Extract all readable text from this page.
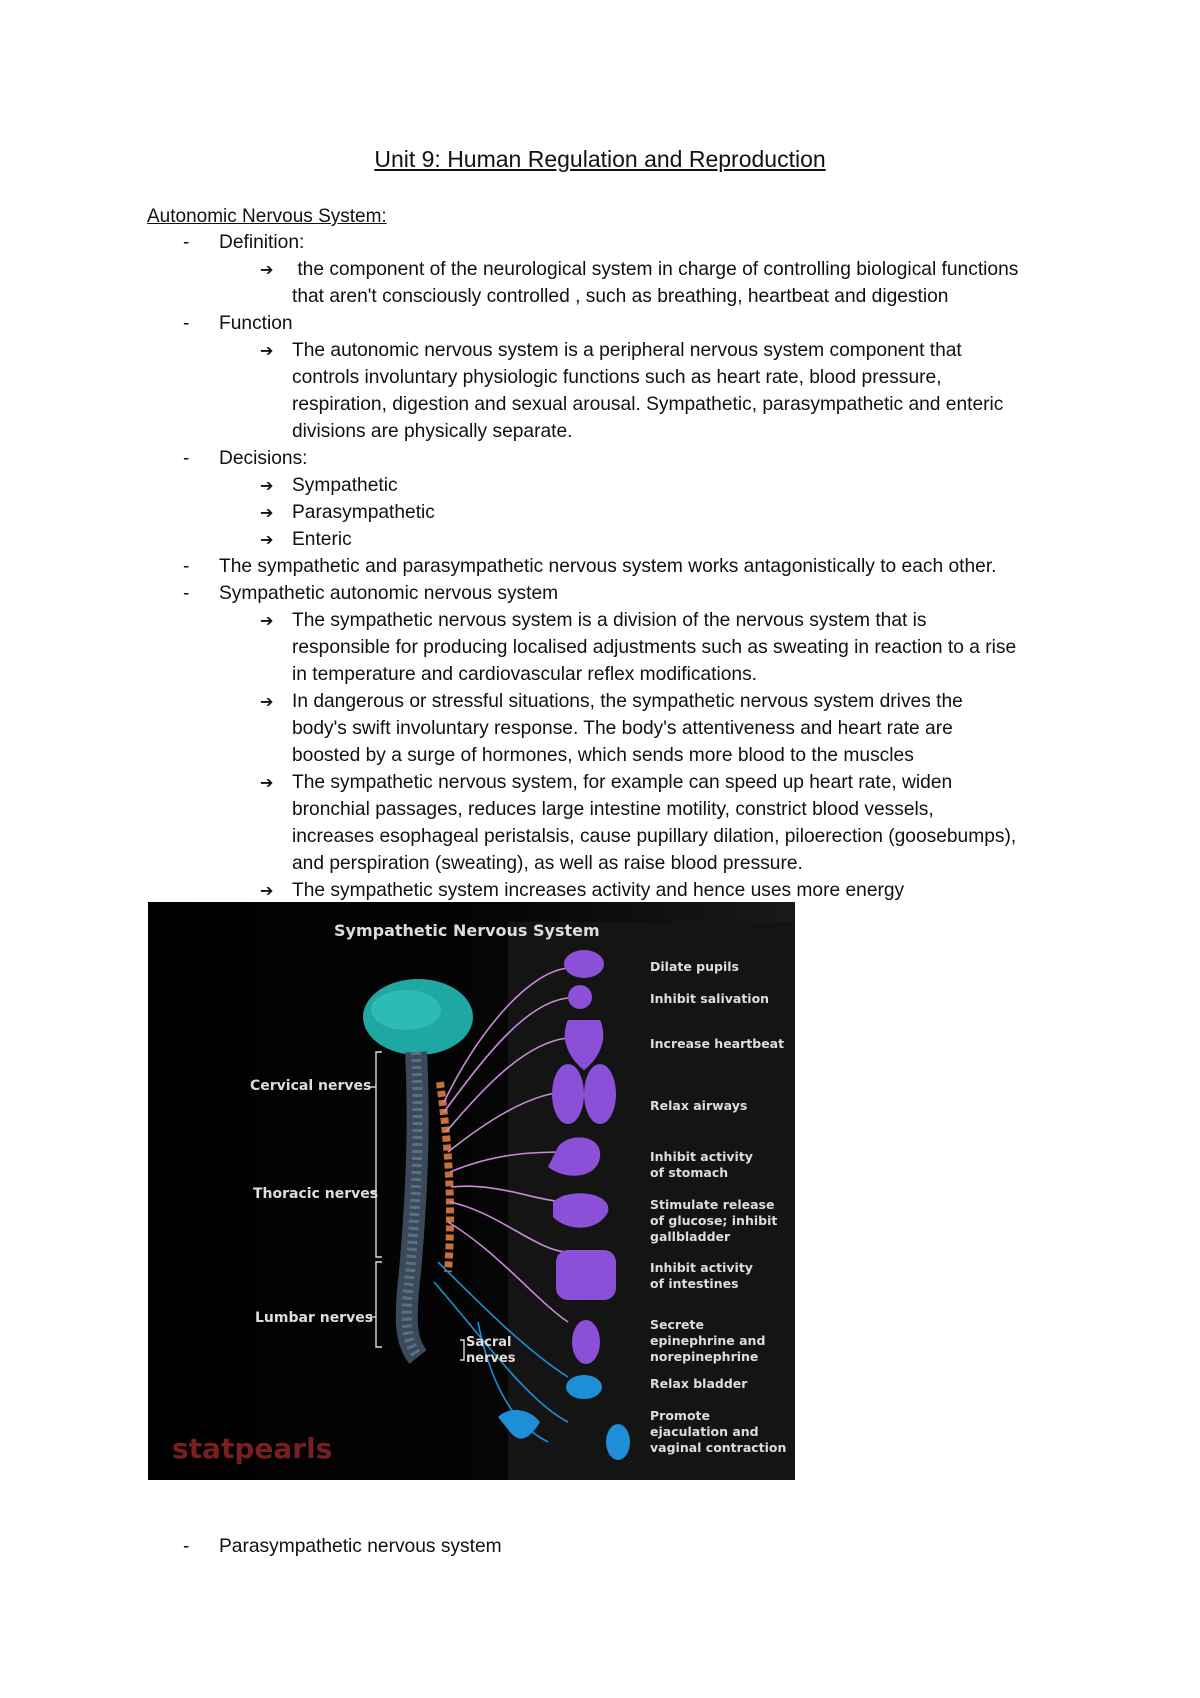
Unit 9: Human Regulation and Reproduction
Autonomic Nervous System:
- Definition:
➔ the component of the neurological system in charge of controlling biological functions
that aren't consciously controlled , such as breathing, heartbeat and digestion
- Function
➔ The autonomic nervous system is a peripheral nervous system component that
controls involuntary physiologic functions such as heart rate, blood pressure,
respiration, digestion and sexual arousal. Sympathetic, parasympathetic and enteric
divisions are physically separate.
- Decisions:
➔ Sympathetic
➔ Parasympathetic
➔ Enteric
- The sympathetic and parasympathetic nervous system works antagonistically to each other.
- Sympathetic autonomic nervous system
➔ The sympathetic nervous system is a division of the nervous system that is
responsible for producing localised adjustments such as sweating in reaction to a rise
in temperature and cardiovascular reflex modifications.
➔ In dangerous or stressful situations, the sympathetic nervous system drives the
body's swift involuntary response. The body's attentiveness and heart rate are
boosted by a surge of hormones, which sends more blood to the muscles
➔ The sympathetic nervous system, for example can speed up heart rate, widen
bronchial passages, reduces large intestine motility, constrict blood vessels,
increases esophageal peristalsis, cause pupillary dilation, piloerection (goosebumps),
and perspiration (sweating), as well as raise blood pressure.
➔ The sympathetic system increases activity and hence uses more energy
Sympathetic Nervous System
Cervical nerves
Thoracic nerves
Lumbar nerves
Sacral
nerves
Dilate pupils
Inhibit salivation
Increase heartbeat
Relax airways
Inhibit activity
of stomach
Stimulate release
of glucose; inhibit
gallbladder
Inhibit activity
of intestines
Secrete
epinephrine and
norepinephrine
Relax bladder
Promote
ejaculation and
vaginal contraction
statpearls
- Parasympathetic nervous system
